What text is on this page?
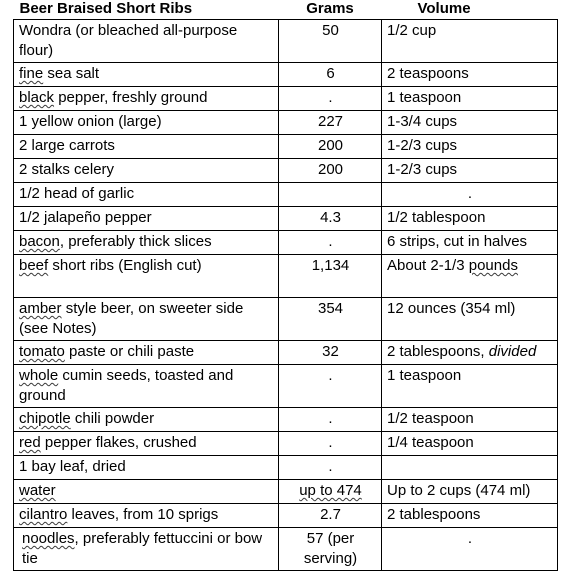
Beer Braised Short Ribs	Grams	Volume
Wondra (or bleached all-purpose flour)	50	1/2 cup
fine sea salt	6	2 teaspoons
black pepper, freshly ground	.	1 teaspoon
1 yellow onion (large)	227	1-3/4 cups
2 large carrots	200	1-2/3 cups
2 stalks celery	200	1-2/3 cups
1/2 head of garlic		.
1/2 jalapeño pepper	4.3	1/2 tablespoon
bacon, preferably thick slices	.	6 strips, cut in halves
beef short ribs (English cut)	1,134	About 2-1/3 pounds
amber style beer, on sweeter side (see Notes)	354	12 ounces (354 ml)
tomato paste or chili paste	32	2 tablespoons, divided
whole cumin seeds, toasted and ground	.	1 teaspoon
chipotle chili powder	.	1/2 teaspoon
red pepper flakes, crushed	.	1/4 teaspoon
1 bay leaf, dried	.	
water	up to 474	Up to 2 cups (474 ml)
cilantro leaves, from 10 sprigs	2.7	2 tablespoons
noodles, preferably fettuccini or bow tie	57 (per serving)	.
